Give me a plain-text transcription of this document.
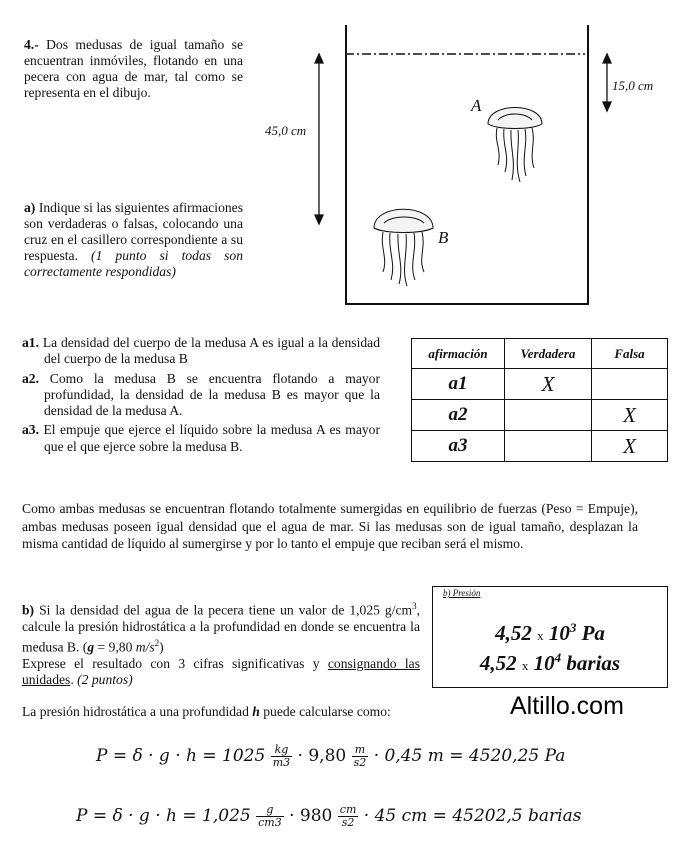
4.- Dos medusas de igual tamaño se encuentran inmóviles, flotando en una pecera con agua de mar, tal como se representa en el dibujo.
a) Indique si las siguientes afirmaciones son verdaderas o falsas, colocando una cruz en el casillero correspondiente a su respuesta. (1 punto si todas son correctamente respondidas)
45,0 cm
15,0 cm
A
B
a1. La densidad del cuerpo de la medusa A es igual a la densidad del cuerpo de la medusa B
a2. Como la medusa B se encuentra flotando a mayor profundidad, la densidad de la medusa B es mayor que la densidad de la medusa A.
a3. El empuje que ejerce el líquido sobre la medusa A es mayor que el que ejerce sobre la medusa B.
afirmación	Verdadera	Falsa
a1	X	
a2		X
a3		X
Como ambas medusas se encuentran flotando totalmente sumergidas en equilibrio de fuerzas (Peso = Empuje), ambas medusas poseen igual densidad que el agua de mar. Si las medusas son de igual tamaño, desplazan la misma cantidad de líquido al sumergirse y por lo tanto el empuje que reciban será el mismo.
b) Si la densidad del agua de la pecera tiene un valor de 1,025 $g/cm^3$, calcule la presión hidrostática a la profundidad en donde se encuentra la medusa B. (g = 9,80 $m/s^2$)
Exprese el resultado con 3 cifras significativas y consignando las unidades. (2 puntos)
b) Presión
4,52 x $10^3$ Pa
4,52 x $10^4$ barias
La presión hidrostática a una profundidad h puede calcularse como:	Altillo.com
$P = \delta \cdot g \cdot h = 1025 \frac{kg}{m3} \cdot 9,80 \frac{m}{s2} \cdot 0,45$ m = 4520,25 Pa
$P = \delta \cdot g \cdot h = 1,025 \frac{g}{cm3} \cdot 980 \frac{cm}{s2} \cdot 45$ cm = 45202,5 barias
